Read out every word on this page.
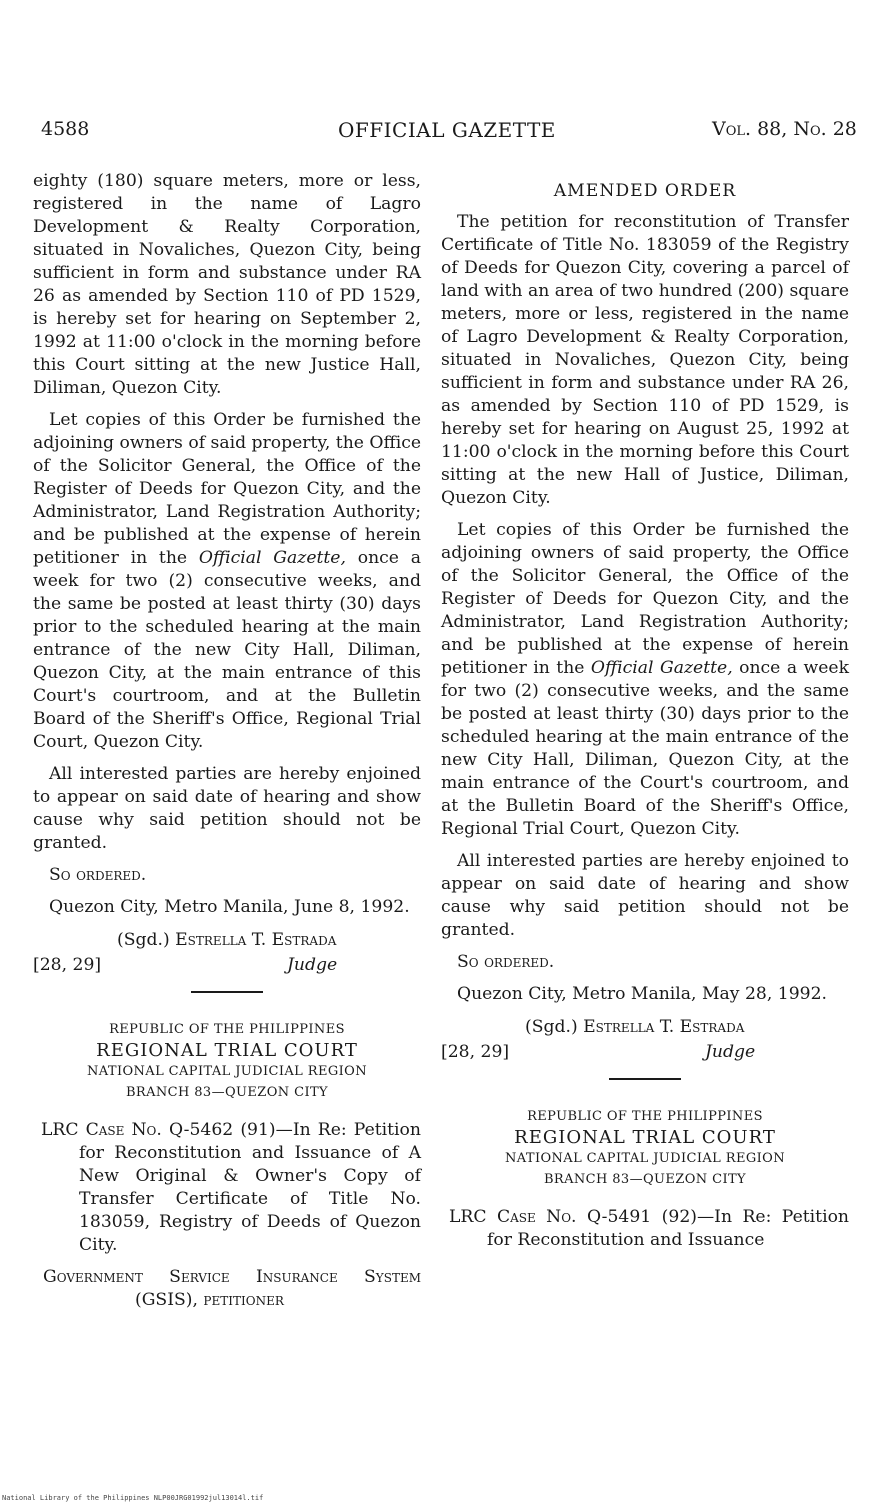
4588	OFFICIAL GAZETTE	Vol. 88, No. 28

eighty (180) square meters, more or less, registered in the name of Lagro Development & Realty Corporation, situated in Novaliches, Quezon City, being sufficient in form and substance under RA 26 as amended by Section 110 of PD 1529, is hereby set for hearing on September 2, 1992 at 11:00 o'clock in the morning before this Court sitting at the new Justice Hall, Diliman, Quezon City.

Let copies of this Order be furnished the adjoining owners of said property, the Office of the Solicitor General, the Office of the Register of Deeds for Quezon City, and the Administrator, Land Registration Authority; and be published at the expense of herein petitioner in the Official Gazette, once a week for two (2) consecutive weeks, and the same be posted at least thirty (30) days prior to the scheduled hearing at the main entrance of the new City Hall, Diliman, Quezon City, at the main entrance of this Court's courtroom, and at the Bulletin Board of the Sheriff's Office, Regional Trial Court, Quezon City.

All interested parties are hereby enjoined to appear on said date of hearing and show cause why said petition should not be granted.

So ordered.

Quezon City, Metro Manila, June 8, 1992.

(Sgd.) Estrella T. Estrada
[28, 29]	Judge
REPUBLIC OF THE PHILIPPINES
REGIONAL TRIAL COURT
NATIONAL CAPITAL JUDICIAL REGION
BRANCH 83—QUEZON CITY

LRC Case No. Q-5462 (91)—In Re: Petition for Reconstitution and Issuance of A New Original & Owner's Copy of Transfer Certificate of Title No. 183059, Registry of Deeds of Quezon City.

Government Service Insurance System (GSIS), petitioner

AMENDED ORDER

The petition for reconstitution of Transfer Certificate of Title No. 183059 of the Registry of Deeds for Quezon City, covering a parcel of land with an area of two hundred (200) square meters, more or less, registered in the name of Lagro Development & Realty Corporation, situated in Novaliches, Quezon City, being sufficient in form and substance under RA 26, as amended by Section 110 of PD 1529, is hereby set for hearing on August 25, 1992 at 11:00 o'clock in the morning before this Court sitting at the new Hall of Justice, Diliman, Quezon City.

Let copies of this Order be furnished the adjoining owners of said property, the Office of the Solicitor General, the Office of the Register of Deeds for Quezon City, and the Administrator, Land Registration Authority; and be published at the expense of herein petitioner in the Official Gazette, once a week for two (2) consecutive weeks, and the same be posted at least thirty (30) days prior to the scheduled hearing at the main entrance of the new City Hall, Diliman, Quezon City, at the main entrance of the Court's courtroom, and at the Bulletin Board of the Sheriff's Office, Regional Trial Court, Quezon City.

All interested parties are hereby enjoined to appear on said date of hearing and show cause why said petition should not be granted.

So ordered.

Quezon City, Metro Manila, May 28, 1992.

(Sgd.) Estrella T. Estrada
[28, 29]	Judge
REPUBLIC OF THE PHILIPPINES
REGIONAL TRIAL COURT
NATIONAL CAPITAL JUDICIAL REGION
BRANCH 83—QUEZON CITY

LRC Case No. Q-5491 (92)—In Re: Petition for Reconstitution and Issuance

National Library of the Philippines NLP00JRG01992jul13014l.tif
